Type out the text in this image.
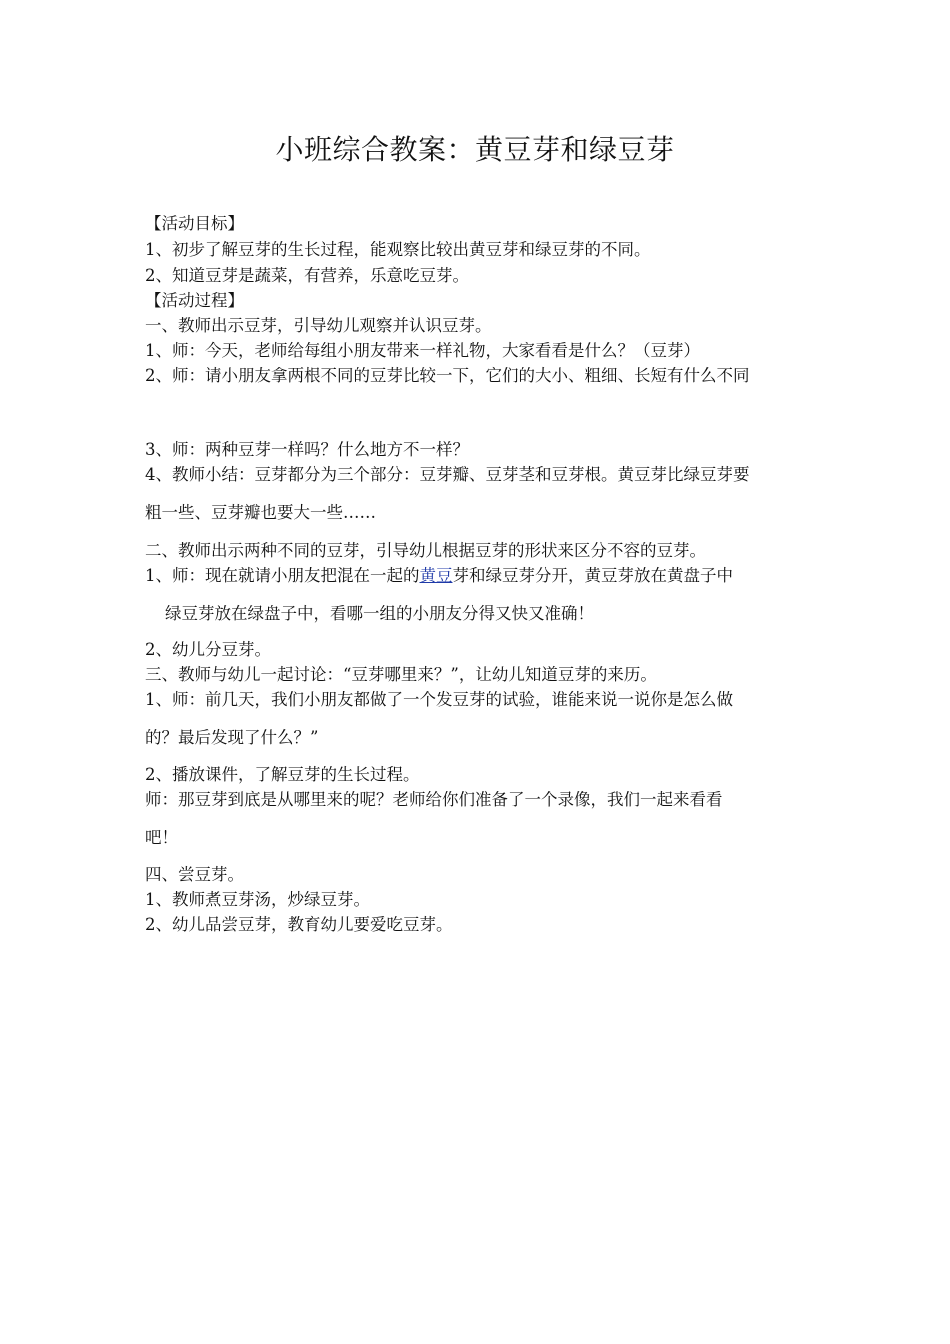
小班综合教案：黄豆芽和绿豆芽
【活动目标】
1、初步了解豆芽的生长过程，能观察比较出黄豆芽和绿豆芽的不同。
2、知道豆芽是蔬菜，有营养，乐意吃豆芽。
【活动过程】
一、教师出示豆芽，引导幼儿观察并认识豆芽。
1、师：今天，老师给每组小朋友带来一样礼物，大家看看是什么？（豆芽）
2、师：请小朋友拿两根不同的豆芽比较一下，它们的大小、粗细、长短有什么不同
3、师：两种豆芽一样吗？什么地方不一样？
4、教师小结：豆芽都分为三个部分：豆芽瓣、豆芽茎和豆芽根。黄豆芽比绿豆芽要
粗一些、豆芽瓣也要大一些……
二、教师出示两种不同的豆芽，引导幼儿根据豆芽的形状来区分不容的豆芽。
1、师：现在就请小朋友把混在一起的黄豆芽和绿豆芽分开，黄豆芽放在黄盘子中
绿豆芽放在绿盘子中，看哪一组的小朋友分得又快又准确！
2、幼儿分豆芽。
三、教师与幼儿一起讨论：“豆芽哪里来？”，让幼儿知道豆芽的来历。
1、师：前几天，我们小朋友都做了一个发豆芽的试验，谁能来说一说你是怎么做
的？最后发现了什么？”
2、播放课件，了解豆芽的生长过程。
师：那豆芽到底是从哪里来的呢？老师给你们准备了一个录像，我们一起来看看
吧！
四、尝豆芽。
1、教师煮豆芽汤，炒绿豆芽。
2、幼儿品尝豆芽，教育幼儿要爱吃豆芽。
